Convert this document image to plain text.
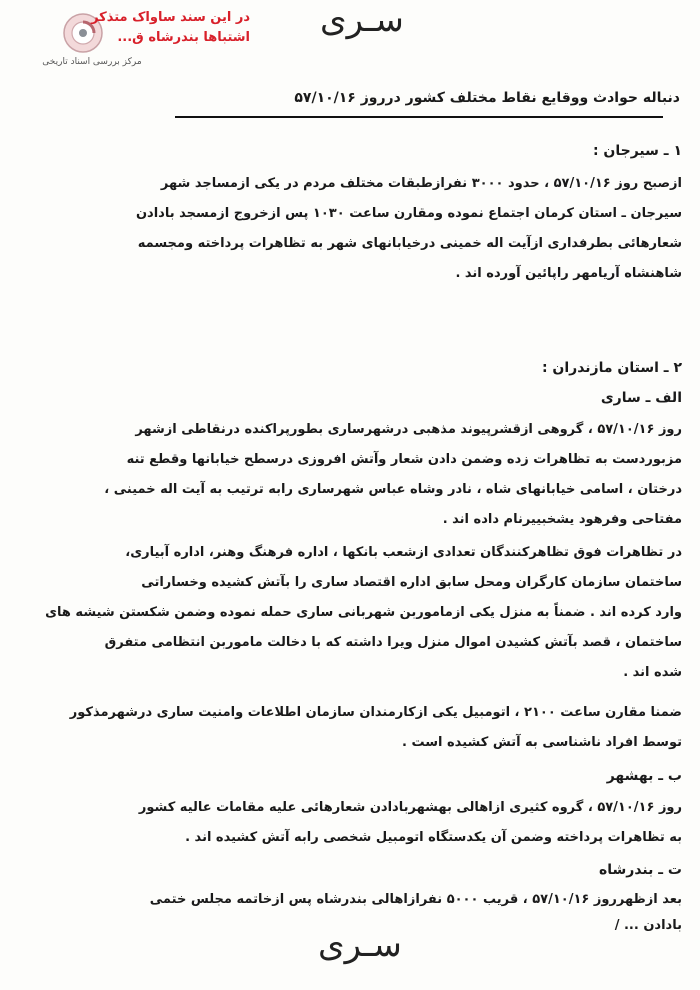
مرکز بررسی اسناد تاریخی
در این سند ساواک متذکر
اشتباها بندرشاه ق... سـری
دنباله حوادث ووقایع نقاط مختلف کشور درروز ۵۷/۱۰/۱۶
۱ ـ سیرجان :
ازصبح روز ۵۷/۱۰/۱۶ ، حدود ۳۰۰۰ نفرازطبقات مختلف مردم در یکی ازمساجد شهر
سیرجان ـ استان کرمان اجتماع نموده ومقارن ساعت ۱۰۳۰ پس ازخروج ازمسجد بادادن
شعارهائی بطرفداری ازآیت اله خمینی درخیابانهای شهر به تظاهرات پرداخته ومجسمه
شاهنشاه آریامهر راپائین آورده اند .
۲ ـ استان مازندران :
الف ـ ساری
روز ۵۷/۱۰/۱۶ ، گروهی ازقشرپیوند مذهبی درشهرساری بطورپراکنده درنقاطی ازشهر
مزبوردست به تظاهرات زده وضمن دادن شعار وآتش افروزی درسطح خیابانها وقطع تنه
درختان ، اسامی خیابانهای شاه ، نادر وشاه عباس شهرساری رابه ترتیب به آیت اله خمینی ،
مفتاحی وفرهود یشخبییرنام داده اند .
در تظاهرات فوق تظاهرکنندگان تعدادی ازشعب بانکها ، اداره فرهنگ وهنر، اداره آبیاری،
ساختمان سازمان کارگران ومحل سابق اداره اقتصاد ساری را بآتش کشیده وخساراتی
وارد کرده اند . ضمناً به منزل یکی ازماموربن شهربانی ساری حمله نموده وضمن شکستن شیشه های
ساختمان ، قصد بآتش کشیدن اموال منزل ویرا داشته که با دخالت ماموربن انتظامی متفرق
شده اند .
ضمنا مقارن ساعت ۲۱۰۰ ، اتومبیل یکی ازکارمندان سازمان اطلاعات وامنیت ساری درشهرمذکور
توسط افراد ناشناسی به آتش کشیده است .
ب ـ بهشهر
روز ۵۷/۱۰/۱۶ ، گروه کثیری ازاهالی بهشهربادادن شعارهائی علیه مقامات عالیه کشور
به تظاهرات پرداخته وضمن آن یکدستگاه اتومبیل شخصی رابه آتش کشیده اند .
ت ـ بندرشاه
بعد ازظهرروز ۵۷/۱۰/۱۶ ، قریب ۵۰۰۰ نفرازاهالی بندرشاه پس ازخاتمه مجلس ختمی
بادادن ... /
سـری
